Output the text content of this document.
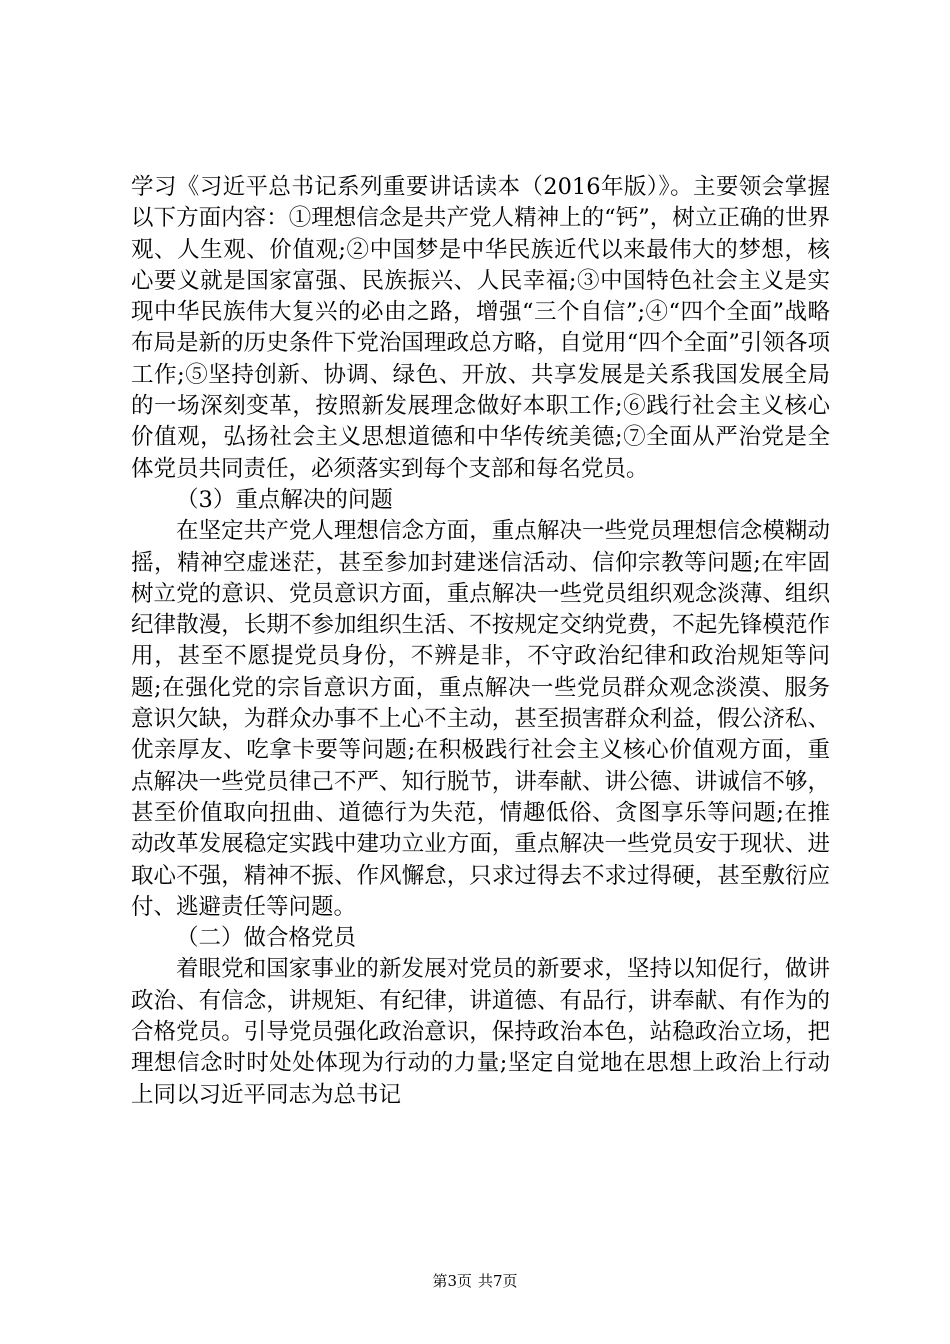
学习《习近平总书记系列重要讲话读本（2016年版）》。主要领会掌握以下方面内容：①理想信念是共产党人精神上的“钙”，树立正确的世界观、人生观、价值观;②中国梦是中华民族近代以来最伟大的梦想，核心要义就是国家富强、民族振兴、人民幸福;③中国特色社会主义是实现中华民族伟大复兴的必由之路，增强“三个自信”;④“四个全面”战略布局是新的历史条件下党治国理政总方略，自觉用“四个全面”引领各项工作;⑤坚持创新、协调、绿色、开放、共享发展是关系我国发展全局的一场深刻变革，按照新发展理念做好本职工作;⑥践行社会主义核心价值观，弘扬社会主义思想道德和中华传统美德;⑦全面从严治党是全体党员共同责任，必须落实到每个支部和每名党员。

（3）重点解决的问题

在坚定共产党人理想信念方面，重点解决一些党员理想信念模糊动摇，精神空虚迷茫，甚至参加封建迷信活动、信仰宗教等问题;在牢固树立党的意识、党员意识方面，重点解决一些党员组织观念淡薄、组织纪律散漫，长期不参加组织生活、不按规定交纳党费，不起先锋模范作用，甚至不愿提党员身份，不辨是非，不守政治纪律和政治规矩等问题;在强化党的宗旨意识方面，重点解决一些党员群众观念淡漠、服务意识欠缺，为群众办事不上心不主动，甚至损害群众利益，假公济私、优亲厚友、吃拿卡要等问题;在积极践行社会主义核心价值观方面，重点解决一些党员律己不严、知行脱节，讲奉献、讲公德、讲诚信不够，甚至价值取向扭曲、道德行为失范，情趣低俗、贪图享乐等问题;在推动改革发展稳定实践中建功立业方面，重点解决一些党员安于现状、进取心不强，精神不振、作风懈怠，只求过得去不求过得硬，甚至敷衍应付、逃避责任等问题。

（二）做合格党员

着眼党和国家事业的新发展对党员的新要求，坚持以知促行，做讲政治、有信念，讲规矩、有纪律，讲道德、有品行，讲奉献、有作为的合格党员。引导党员强化政治意识，保持政治本色，站稳政治立场，把理想信念时时处处体现为行动的力量;坚定自觉地在思想上政治上行动上同以习近平同志为总书记

第3页 共7页
